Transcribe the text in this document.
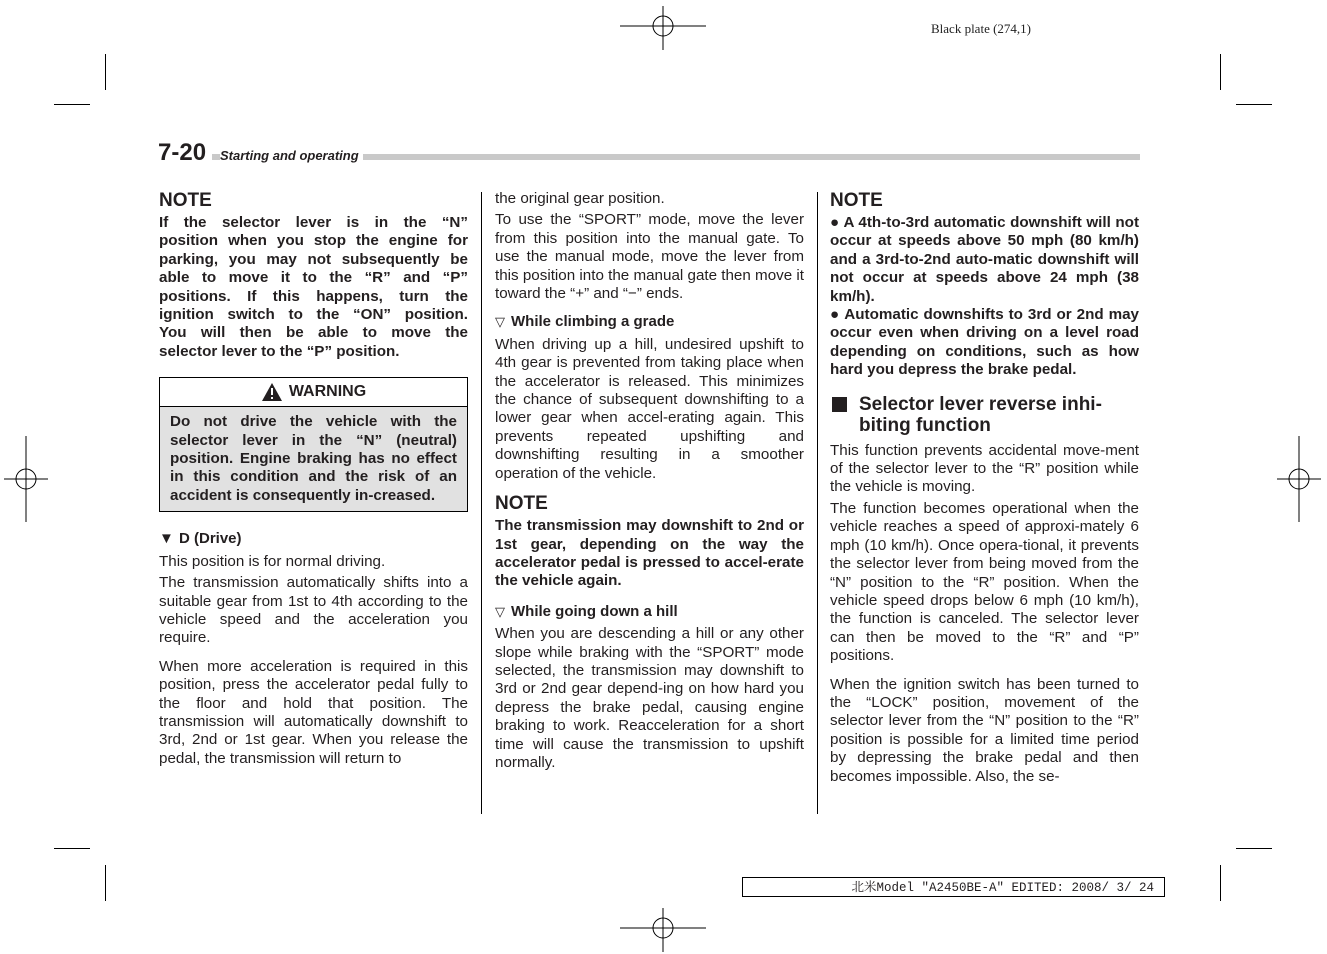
Black plate (274,1)
7-20	Starting and operating
NOTE
If the selector lever is in the “N”
position when you stop the engine for
parking, you may not subsequently be
able to move it to the “R” and “P”
positions. If this happens, turn the
ignition switch to the “ON” position.
You will then be able to move the
selector lever to the “P” position.
WARNING
Do not drive the vehicle with the selector lever in the “N” (neutral) position. Engine braking has no effect in this condition and the risk of an accident is consequently in-creased.
▼ D (Drive)

This position is for normal driving.

The transmission automatically shifts into a suitable gear from 1st to 4th according to the vehicle speed and the acceleration you require.

When more acceleration is required in this position, press the accelerator pedal fully to the floor and hold that position. The transmission will automatically downshift to 3rd, 2nd or 1st gear. When you release the pedal, the transmission will return to

the original gear position.

To use the “SPORT” mode, move the lever from this position into the manual gate. To use the manual mode, move the lever from this position into the manual gate then move it toward the “+” and “−” ends.

▽ While climbing a grade

When driving up a hill, undesired upshift to 4th gear is prevented from taking place when the accelerator is released. This minimizes the chance of subsequent downshifting to a lower gear when accel-erating again. This prevents repeated upshifting and downshifting resulting in a smoother operation of the vehicle.

NOTE

The transmission may downshift to 2nd or 1st gear, depending on the way the accelerator pedal is pressed to accel-erate the vehicle again.

▽ While going down a hill

When you are descending a hill or any other slope while braking with the “SPORT” mode selected, the transmission may downshift to 3rd or 2nd gear depend-ing on how hard you depress the brake pedal, causing engine braking to work. Reacceleration for a short time will cause the transmission to upshift normally.

NOTE

● A 4th-to-3rd automatic downshift will not occur at speeds above 50 mph (80 km/h) and a 3rd-to-2nd auto-matic downshift will not occur at speeds above 24 mph (38 km/h).

● Automatic downshifts to 3rd or 2nd may occur even when driving on a level road depending on conditions, such as how hard you depress the brake pedal.

Selector lever reverse inhi-biting function

This function prevents accidental move-ment of the selector lever to the “R” position while the vehicle is moving.

The function becomes operational when the vehicle reaches a speed of approxi-mately 6 mph (10 km/h). Once opera-tional, it prevents the selector lever from being moved from the “N” position to the “R” position. When the vehicle speed drops below 6 mph (10 km/h), the function is canceled. The selector lever can then be moved to the “R” and “P” positions.

When the ignition switch has been turned to the “LOCK” position, movement of the selector lever from the “N” position to the “R” position is possible for a limited time period by depressing the brake pedal and then becomes impossible. Also, the se-

北米Model "A2450BE-A" EDITED: 2008/ 3/ 24
